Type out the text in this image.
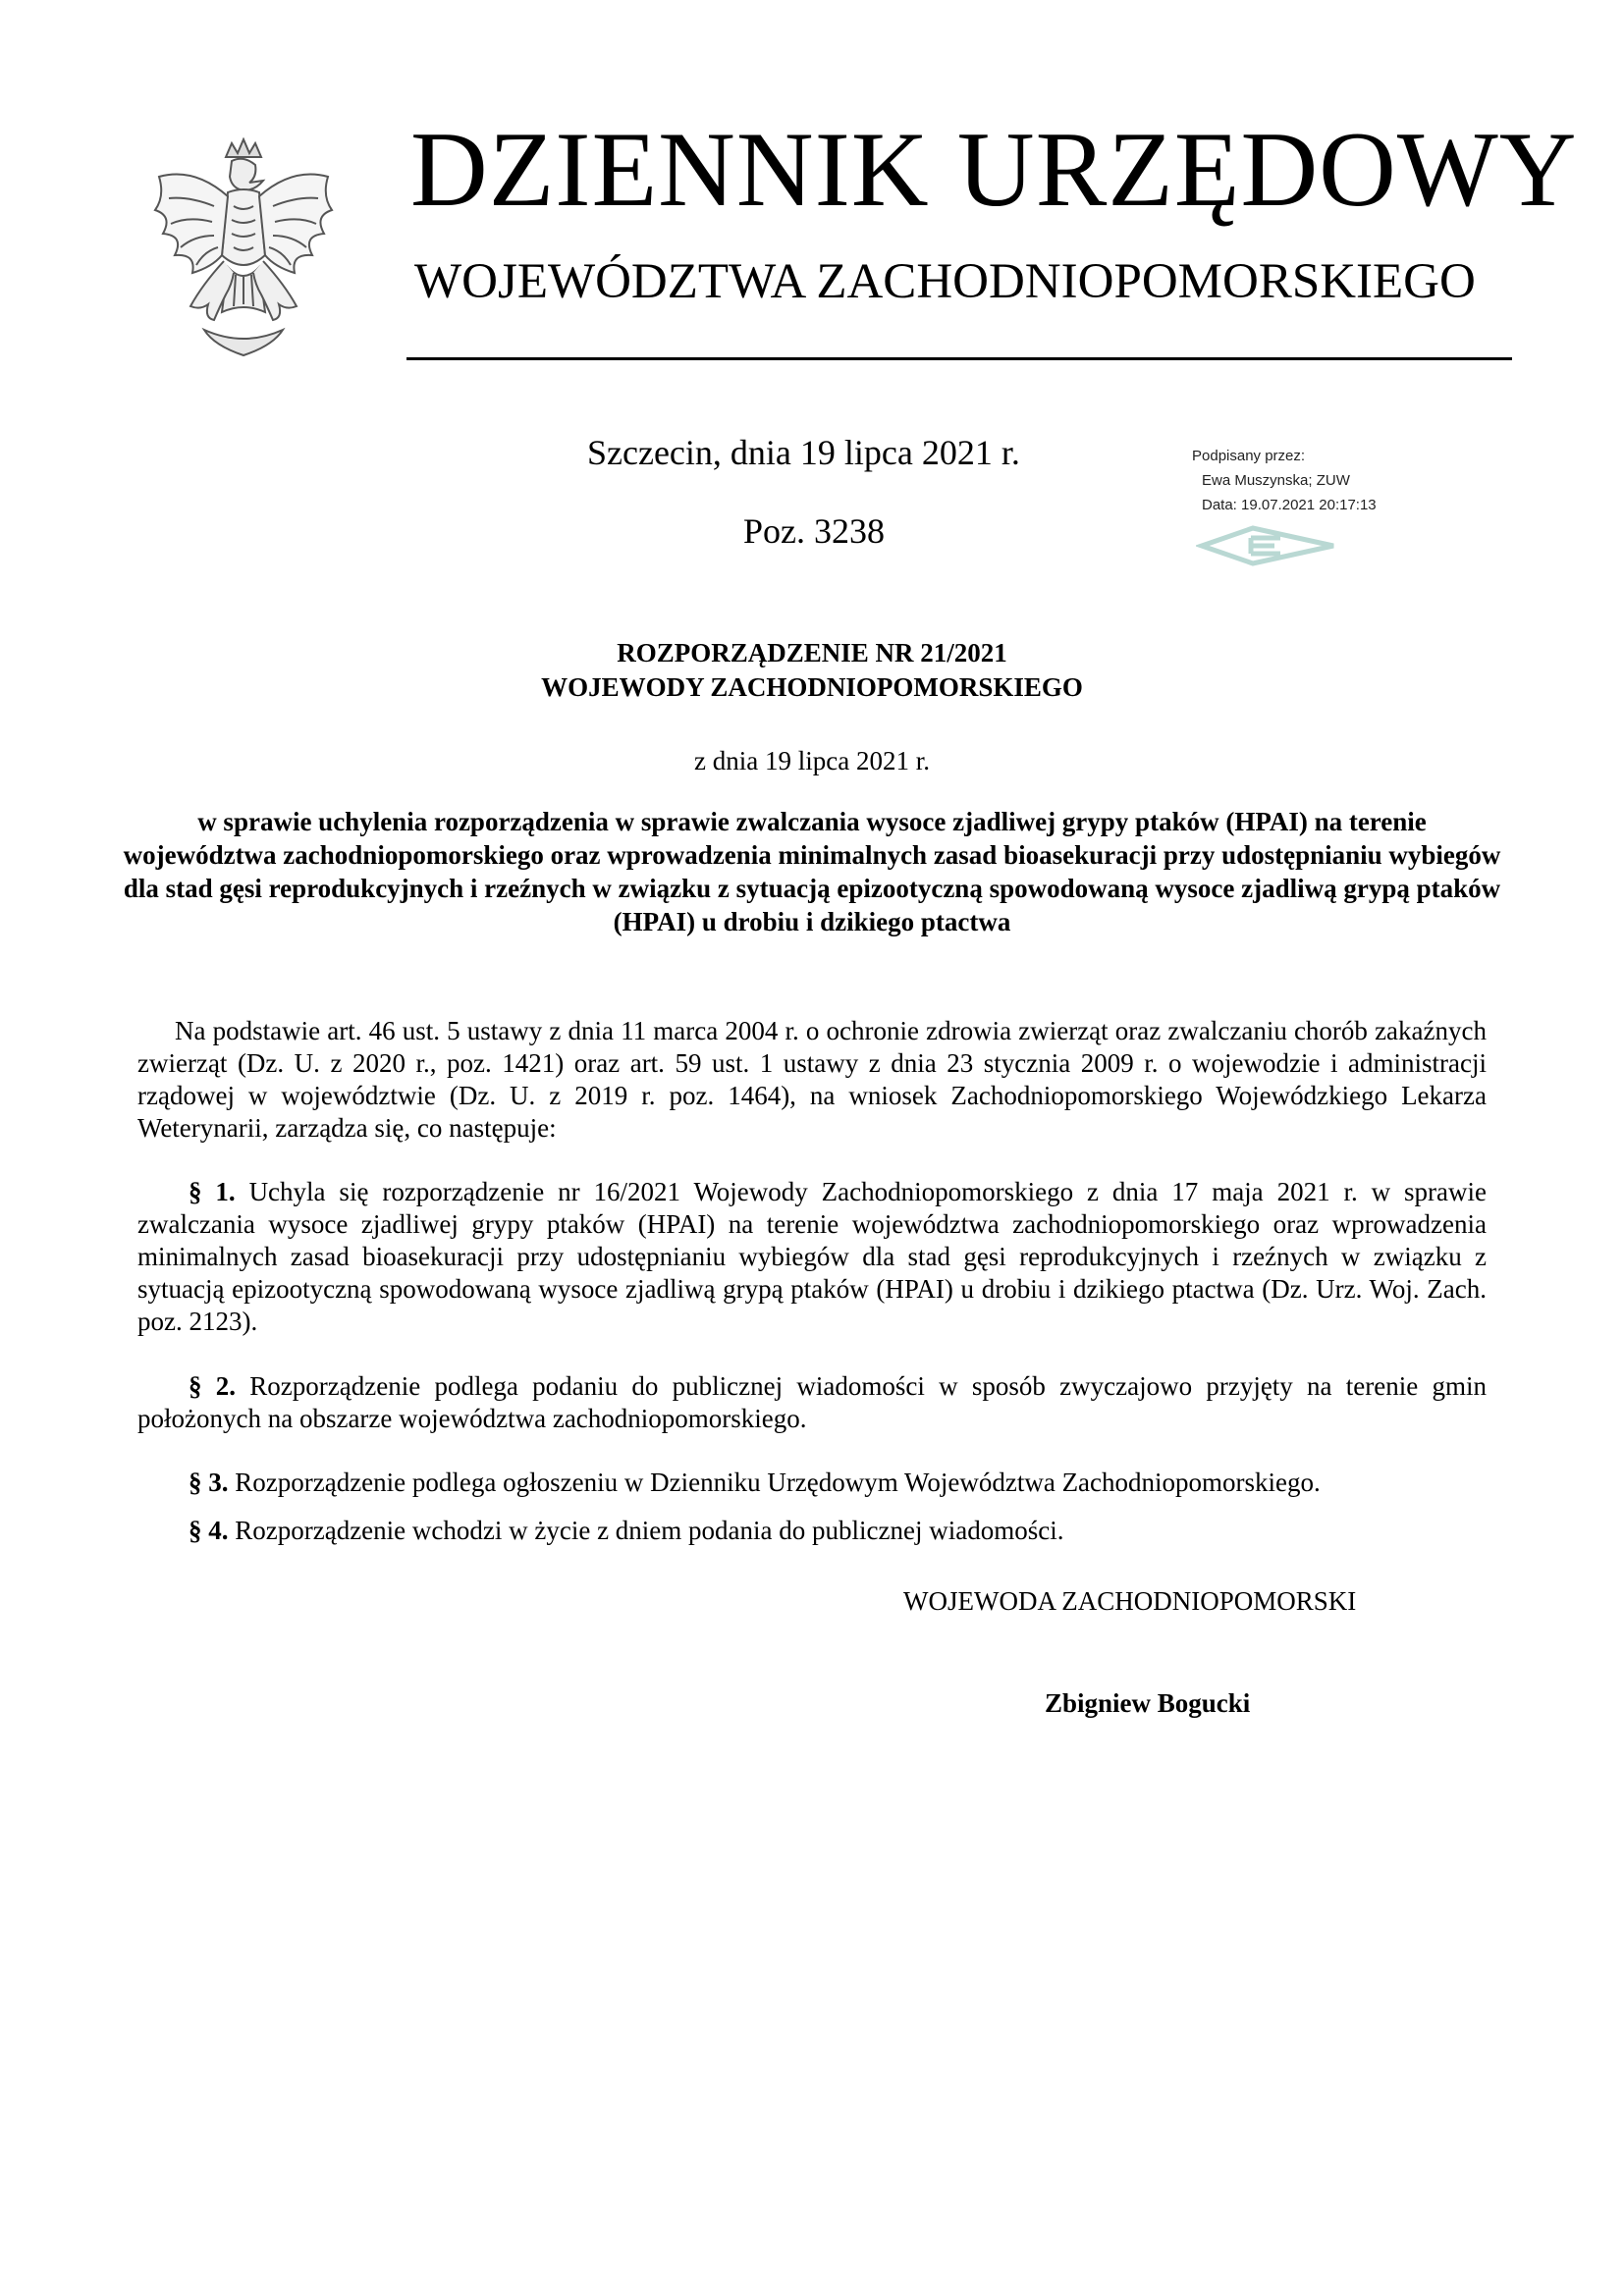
DZIENNIK URZĘDOWY
WOJEWÓDZTWA ZACHODNIOPOMORSKIEGO
Szczecin, dnia 19 lipca 2021 r.
Poz. 3238
Podpisany przez:
Ewa Muszynska; ZUW
Data: 19.07.2021 20:17:13
ROZPORZĄDZENIE NR 21/2021
WOJEWODY ZACHODNIOPOMORSKIEGO
z dnia 19 lipca 2021 r.
w sprawie uchylenia rozporządzenia w sprawie zwalczania wysoce zjadliwej grypy ptaków (HPAI) na terenie województwa zachodniopomorskiego oraz wprowadzenia minimalnych zasad bioasekuracji przy udostępnianiu wybiegów dla stad gęsi reprodukcyjnych i rzeźnych w związku z sytuacją epizootyczną spowodowaną wysoce zjadliwą grypą ptaków (HPAI) u drobiu i dzikiego ptactwa
Na podstawie art. 46 ust. 5 ustawy z dnia 11 marca 2004 r. o ochronie zdrowia zwierząt oraz zwalczaniu chorób zakaźnych zwierząt (Dz. U. z 2020 r., poz. 1421) oraz art. 59 ust. 1 ustawy z dnia 23 stycznia 2009 r. o wojewodzie i administracji rządowej w województwie (Dz. U. z 2019 r. poz. 1464), na wniosek Zachodniopomorskiego Wojewódzkiego Lekarza Weterynarii, zarządza się, co następuje:
§ 1. Uchyla się rozporządzenie nr 16/2021 Wojewody Zachodniopomorskiego z dnia 17 maja 2021 r. w sprawie zwalczania wysoce zjadliwej grypy ptaków (HPAI) na terenie województwa zachodniopomorskiego oraz wprowadzenia minimalnych zasad bioasekuracji przy udostępnianiu wybiegów dla stad gęsi reprodukcyjnych i rzeźnych w związku z sytuacją epizootyczną spowodowaną wysoce zjadliwą grypą ptaków (HPAI) u drobiu i dzikiego ptactwa (Dz. Urz. Woj. Zach. poz. 2123).
§ 2. Rozporządzenie podlega podaniu do publicznej wiadomości w sposób zwyczajowo przyjęty na terenie gmin położonych na obszarze województwa zachodniopomorskiego.
§ 3. Rozporządzenie podlega ogłoszeniu w Dzienniku Urzędowym Województwa Zachodniopomorskiego.
§ 4. Rozporządzenie wchodzi w życie z dniem podania do publicznej wiadomości.
WOJEWODA ZACHODNIOPOMORSKI
Zbigniew Bogucki
